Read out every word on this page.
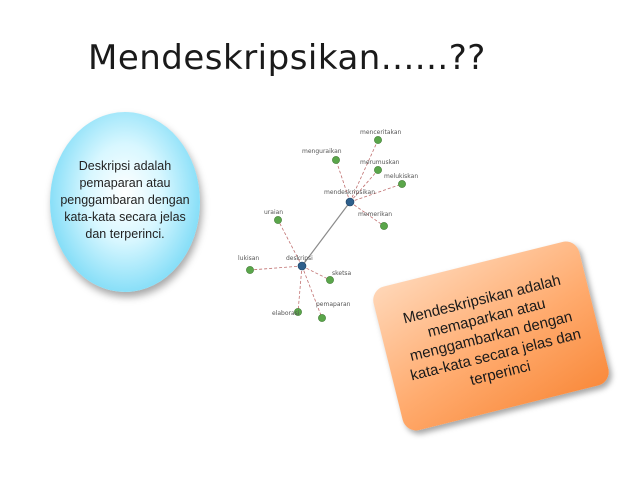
Mendeskripsikan......??
Deskripsi adalah pemaparan atau penggambaran dengan kata-kata secara jelas dan terperinci.
menceritakan
menguraikan
merumuskan
melukiskan
memerikan
uraian
lukisan
sketsa
elaborasi
pemaparan
mendeskripsikan
deskripsi
Mendeskripsikan adalah memaparkan atau menggambarkan dengan kata-kata secara jelas dan terperinci
